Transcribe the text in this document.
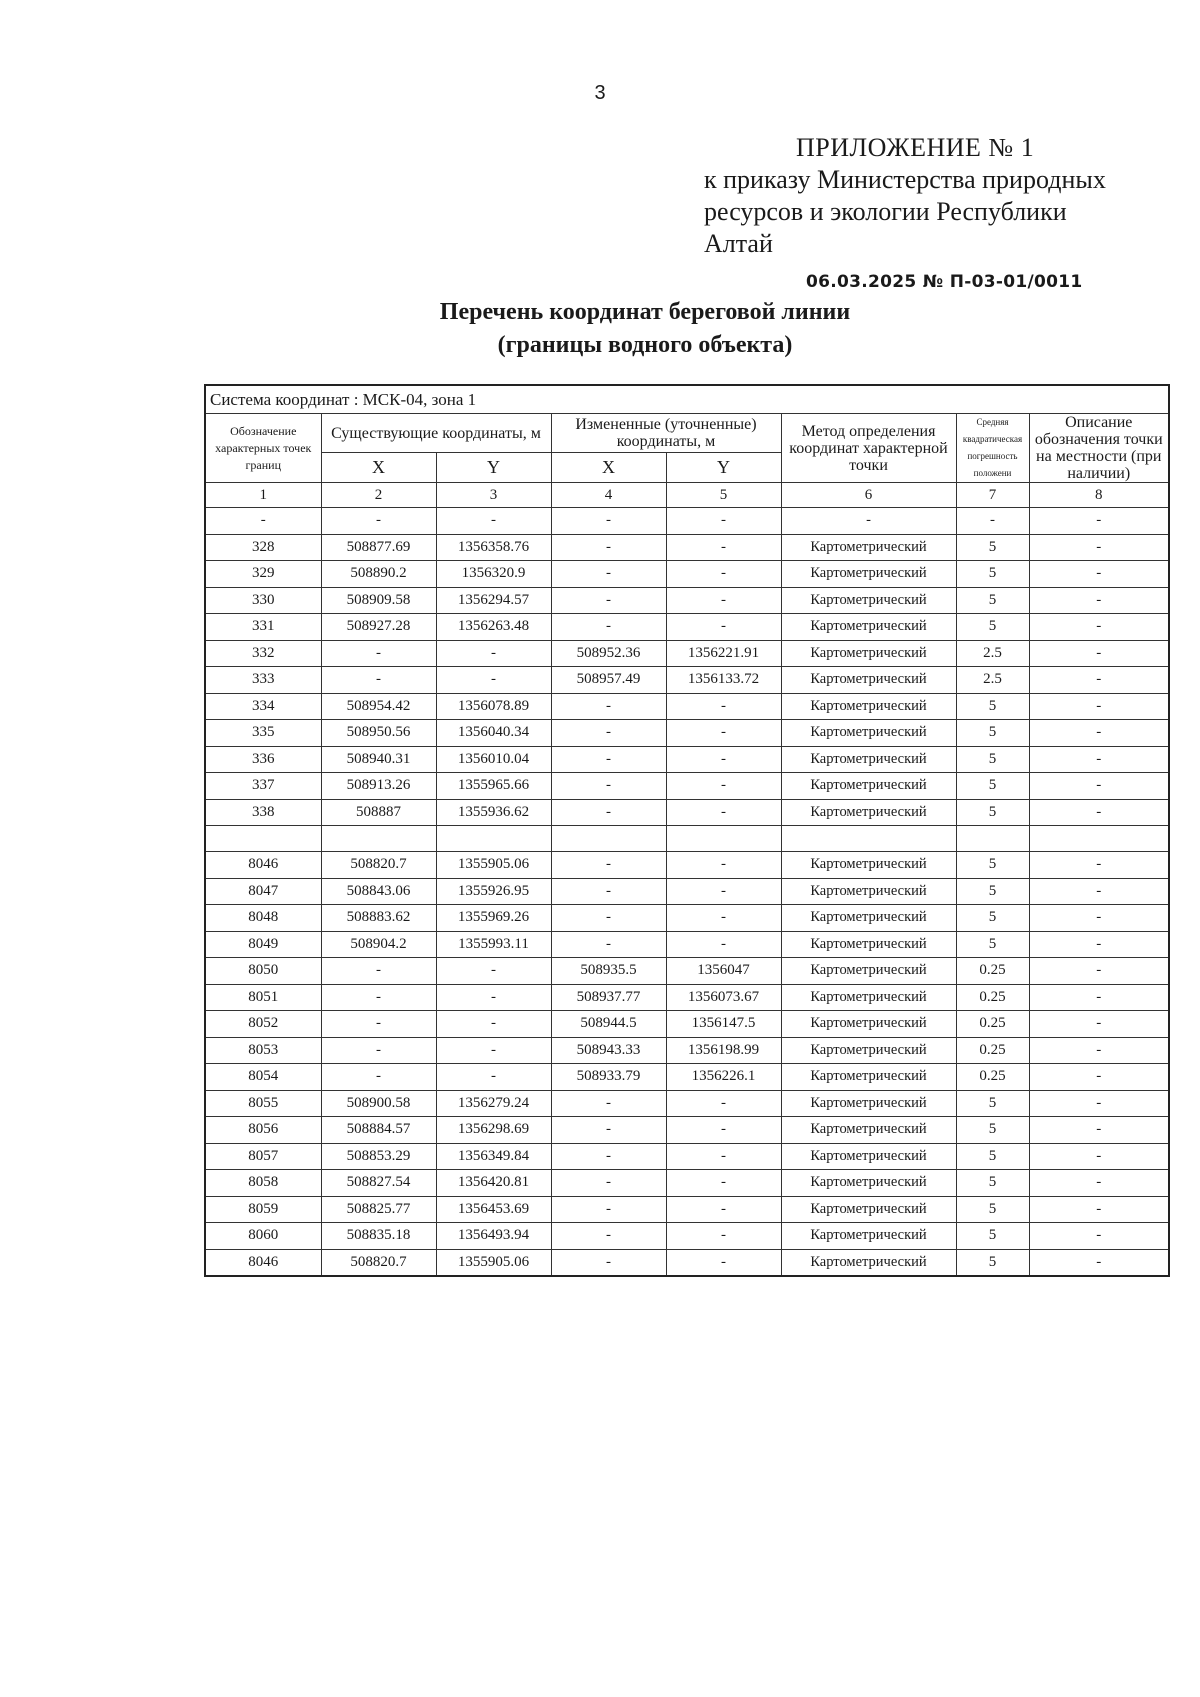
3
ПРИЛОЖЕНИЕ № 1
к приказу Министерства природных
ресурсов и экологии Республики
Алтай
06.03.2025 № П-03-01/0011
Перечень координат береговой линии
(границы водного объекта)
Система координат : МСК-04, зона 1							
Обозначение характерных точек границ	Существующие координаты, м		Измененные (уточненные) координаты, м		Метод определения координат характерной точки	Средняя квадратическая погрешность положени	Описание обозначения точки на местности (при наличии)
	X	Y	X	Y			
1	2	3	4	5	6	7	8
-	-	-	-	-	-	-	-
328	508877.69	1356358.76	-	-	Картометрический	5	-
329	508890.2	1356320.9	-	-	Картометрический	5	-
330	508909.58	1356294.57	-	-	Картометрический	5	-
331	508927.28	1356263.48	-	-	Картометрический	5	-
332	-	-	508952.36	1356221.91	Картометрический	2.5	-
333	-	-	508957.49	1356133.72	Картометрический	2.5	-
334	508954.42	1356078.89	-	-	Картометрический	5	-
335	508950.56	1356040.34	-	-	Картометрический	5	-
336	508940.31	1356010.04	-	-	Картометрический	5	-
337	508913.26	1355965.66	-	-	Картометрический	5	-
338	508887	1355936.62	-	-	Картометрический	5	-

8046	508820.7	1355905.06	-	-	Картометрический	5	-
8047	508843.06	1355926.95	-	-	Картометрический	5	-
8048	508883.62	1355969.26	-	-	Картометрический	5	-
8049	508904.2	1355993.11	-	-	Картометрический	5	-
8050	-	-	508935.5	1356047	Картометрический	0.25	-
8051	-	-	508937.77	1356073.67	Картометрический	0.25	-
8052	-	-	508944.5	1356147.5	Картометрический	0.25	-
8053	-	-	508943.33	1356198.99	Картометрический	0.25	-
8054	-	-	508933.79	1356226.1	Картометрический	0.25	-
8055	508900.58	1356279.24	-	-	Картометрический	5	-
8056	508884.57	1356298.69	-	-	Картометрический	5	-
8057	508853.29	1356349.84	-	-	Картометрический	5	-
8058	508827.54	1356420.81	-	-	Картометрический	5	-
8059	508825.77	1356453.69	-	-	Картометрический	5	-
8060	508835.18	1356493.94	-	-	Картометрический	5	-
8046	508820.7	1355905.06	-	-	Картометрический	5	-
